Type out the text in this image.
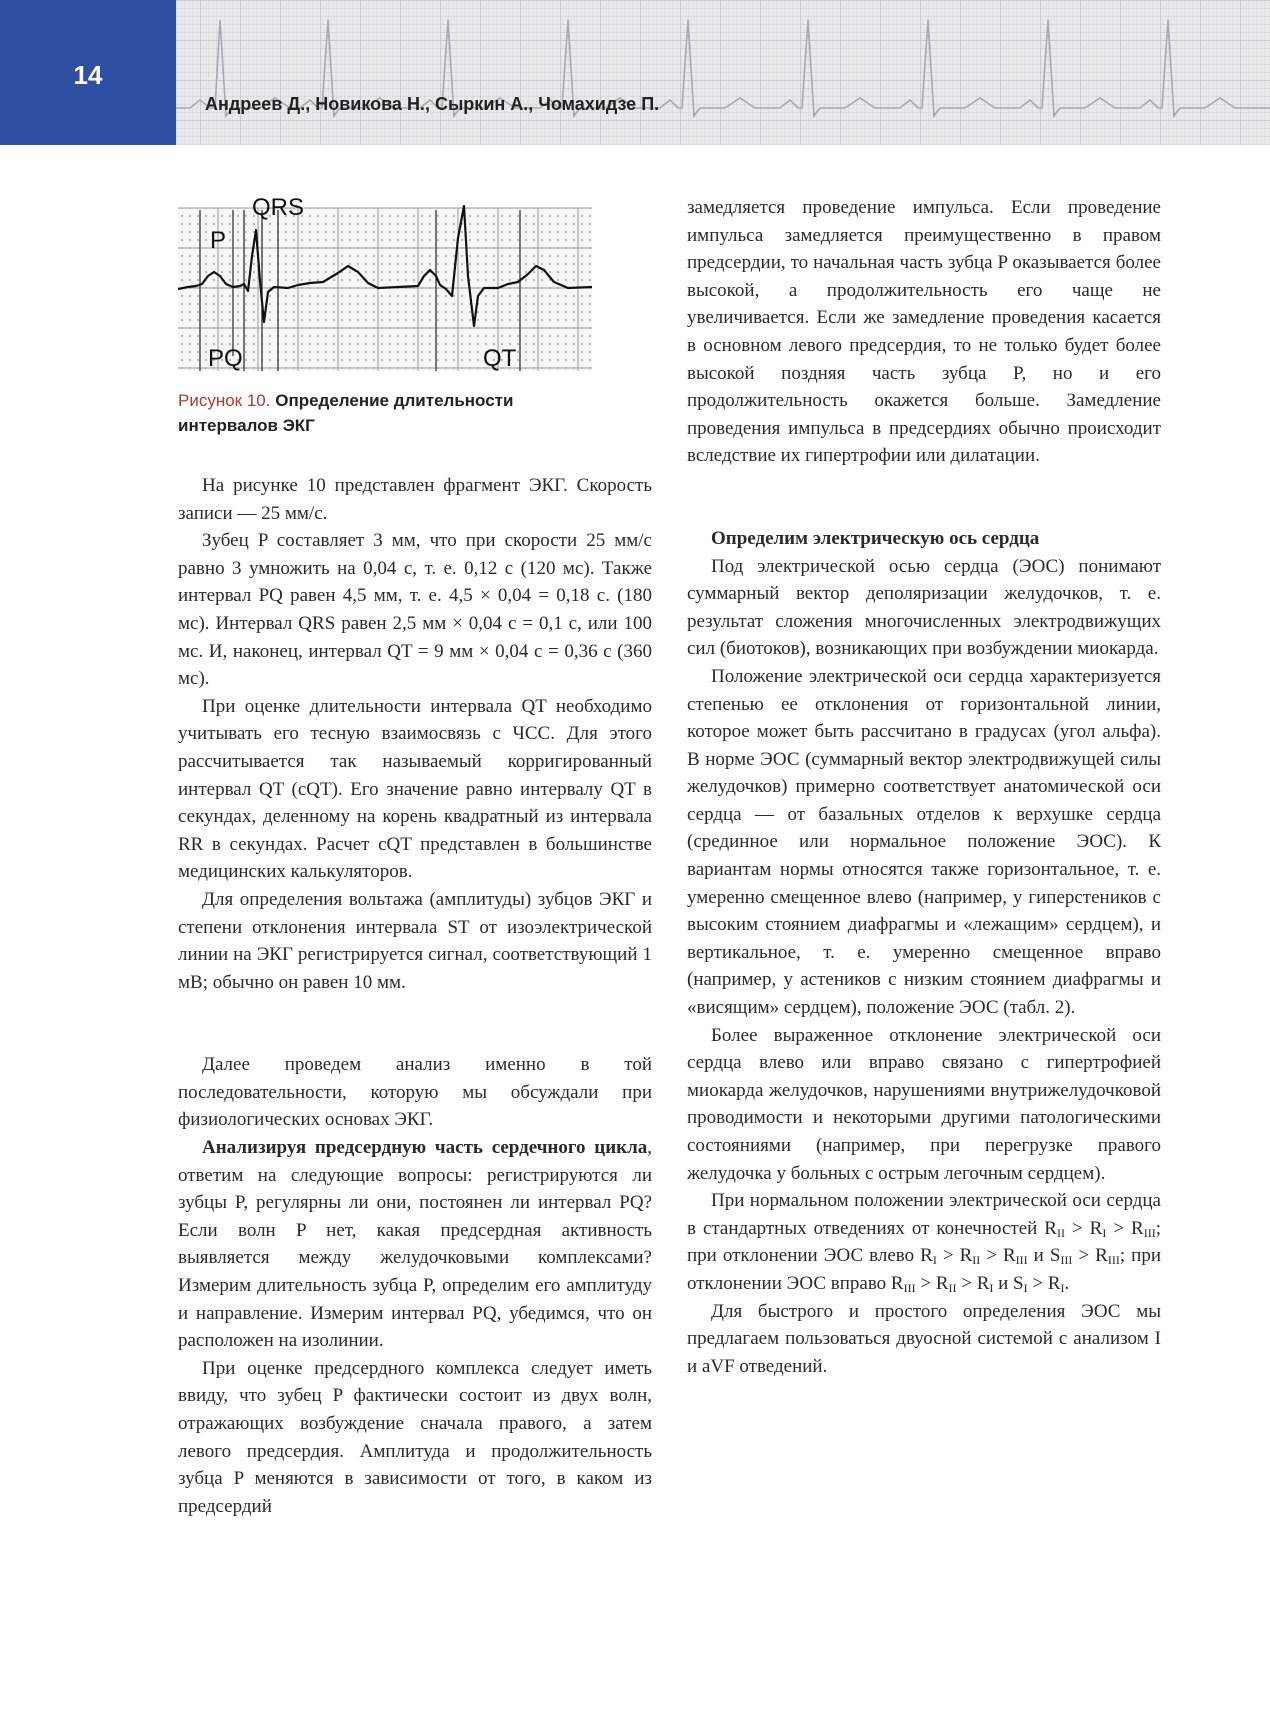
14
Андреев Д., Новикова Н., Сыркин А., Чомахидзе П.
QRS
P
PQ	QT
Рисунок 10. Определение длительности интервалов ЭКГ

На рисунке 10 представлен фрагмент ЭКГ. Скорость записи — 25 мм/с.

Зубец P составляет 3 мм, что при скорости 25 мм/с равно 3 умножить на 0,04 с, т. е. 0,12 с (120 мс). Также интервал PQ равен 4,5 мм, т. е. 4,5 × 0,04 = 0,18 с. (180 мс). Интервал QRS равен 2,5 мм × 0,04 с = 0,1 с, или 100 мс. И, наконец, интервал QT = 9 мм × 0,04 с = 0,36 с (360 мс).

При оценке длительности интервала QT необходимо учитывать его тесную взаимосвязь с ЧСС. Для этого рассчитывается так называемый корригированный интервал QT (cQT). Его значение равно интервалу QT в секундах, деленному на корень квадратный из интервала RR в секундах. Расчет cQT представлен в большинстве медицинских калькуляторов.

Для определения вольтажа (амплитуды) зубцов ЭКГ и степени отклонения интервала ST от изоэлектрической линии на ЭКГ регистрируется сигнал, соответствующий 1 мВ; обычно он равен 10 мм.

Далее проведем анализ именно в той последовательности, которую мы обсуждали при физиологических основах ЭКГ.

Анализируя предсердную часть сердечного цикла, ответим на следующие вопросы: регистрируются ли зубцы P, регулярны ли они, постоянен ли интервал PQ? Если волн P нет, какая предсердная активность выявляется между желудочковыми комплексами? Измерим длительность зубца P, определим его амплитуду и направление. Измерим интервал PQ, убедимся, что он расположен на изолинии.

При оценке предсердного комплекса следует иметь ввиду, что зубец P фактически состоит из двух волн, отражающих возбуждение сначала правого, а затем левого предсердия. Амплитуда и продолжительность зубца P меняются в зависимости от того, в каком из предсердий

замедляется проведение импульса. Если проведение импульса замедляется преимущественно в правом предсердии, то начальная часть зубца P оказывается более высокой, а продолжительность его чаще не увеличивается. Если же замедление проведения касается в основном левого предсердия, то не только будет более высокой поздняя часть зубца P, но и его продолжительность окажется больше. Замедление проведения импульса в предсердиях обычно происходит вследствие их гипертрофии или дилатации.

Определим электрическую ось сердца

Под электрической осью сердца (ЭОС) понимают суммарный вектор деполяризации желудочков, т. е. результат сложения многочисленных электродвижущих сил (биотоков), возникающих при возбуждении миокарда.

Положение электрической оси сердца характеризуется степенью ее отклонения от горизонтальной линии, которое может быть рассчитано в градусах (угол альфа). В норме ЭОС (суммарный вектор электродвижущей силы желудочков) примерно соответствует анатомической оси сердца — от базальных отделов к верхушке сердца (срединное или нормальное положение ЭОС). К вариантам нормы относятся также горизонтальное, т. е. умеренно смещенное влево (например, у гиперстеников с высоким стоянием диафрагмы и «лежащим» сердцем), и вертикальное, т. е. умеренно смещенное вправо (например, у астеников с низким стоянием диафрагмы и «висящим» сердцем), положение ЭОС (табл. 2).

Более выраженное отклонение электрической оси сердца влево или вправо связано с гипертрофией миокарда желудочков, нарушениями внутрижелудочковой проводимости и некоторыми другими патологическими состояниями (например, при перегрузке правого желудочка у больных с острым легочным сердцем).

При нормальном положении электрической оси сердца в стандартных отведениях от конечностей $R_{II} > R_I > R_{III}$; при отклонении ЭОС влево $R_I > R_{II} > R_{III}$ и $S_{III} > R_{III}$; при отклонении ЭОС вправо $R_{III} > R_{II} > R_I$ и $S_I > R_I$.

Для быстрого и простого определения ЭОС мы предлагаем пользоваться двуосной системой с анализом I и aVF отведений.
